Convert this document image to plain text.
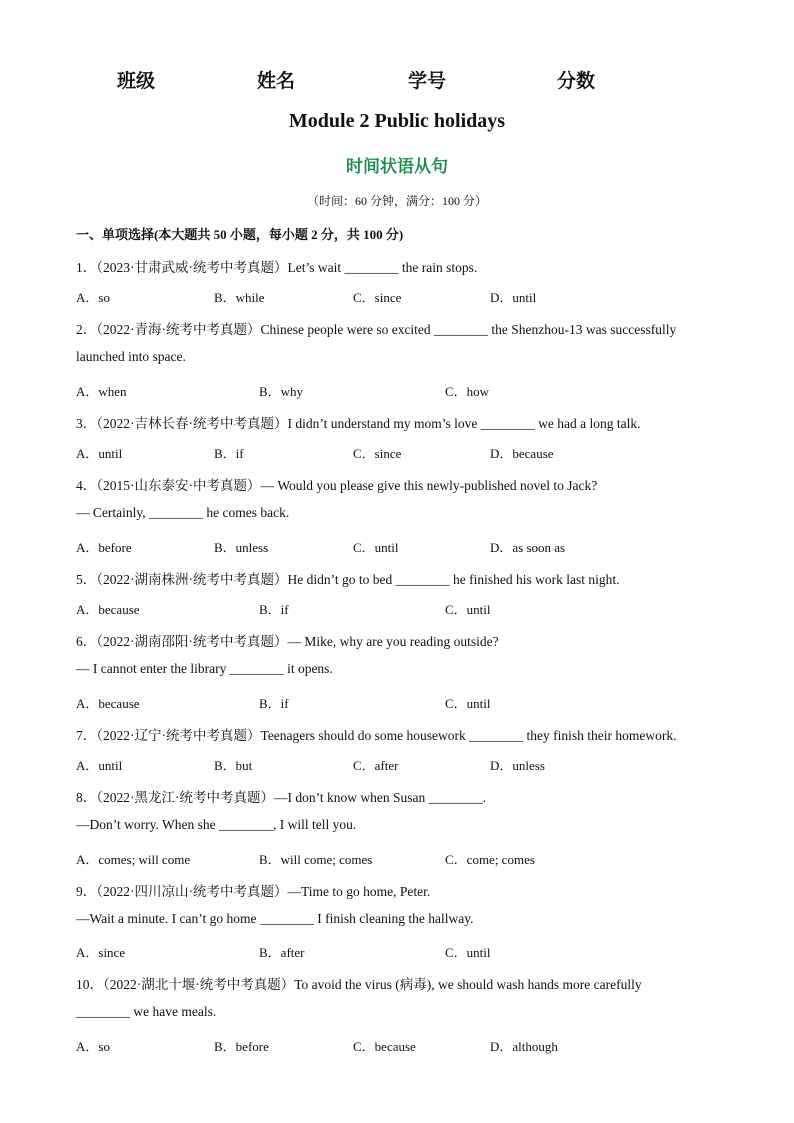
班级	姓名	学号	分数
Module 2 Public holidays
时间状语从句
（时间：60 分钟，满分：100 分）
一、单项选择(本大题共 50 小题，每小题 2 分，共 100 分)
1．（2023·甘肃武威·统考中考真题）Let’s wait ________ the rain stops.
A．so	B．while	C．since	D．until
2．（2022·青海·统考中考真题）Chinese people were so excited ________ the Shenzhou-13 was successfully
launched into space.
A．when	B．why	C．how
3．（2022·吉林长春·统考中考真题）I didn’t understand my mom’s love ________ we had a long talk.
A．until	B．if	C．since	D．because
4．（2015·山东泰安·中考真题）— Would you please give this newly-published novel to Jack?
— Certainly, ________ he comes back.
A．before	B．unless	C．until	D．as soon as
5．（2022·湖南株洲·统考中考真题）He didn’t go to bed ________ he finished his work last night.
A．because	B．if	C．until
6．（2022·湖南邵阳·统考中考真题）— Mike, why are you reading outside?
— I cannot enter the library ________ it opens.
A．because	B．if	C．until
7．（2022·辽宁·统考中考真题）Teenagers should do some housework ________ they finish their homework.
A．until	B．but	C．after	D．unless
8．（2022·黑龙江·统考中考真题）—I don’t know when Susan ________.
—Don’t worry. When she ________, I will tell you.
A．comes; will come	B．will come; comes	C．come; comes
9．（2022·四川凉山·统考中考真题）—Time to go home, Peter.
—Wait a minute. I can’t go home ________ I finish cleaning the hallway.
A．since	B．after	C．until
10．（2022·湖北十堰·统考中考真题）To avoid the virus (病毒), we should wash hands more carefully
________ we have meals.
A．so	B．before	C．because	D．although
